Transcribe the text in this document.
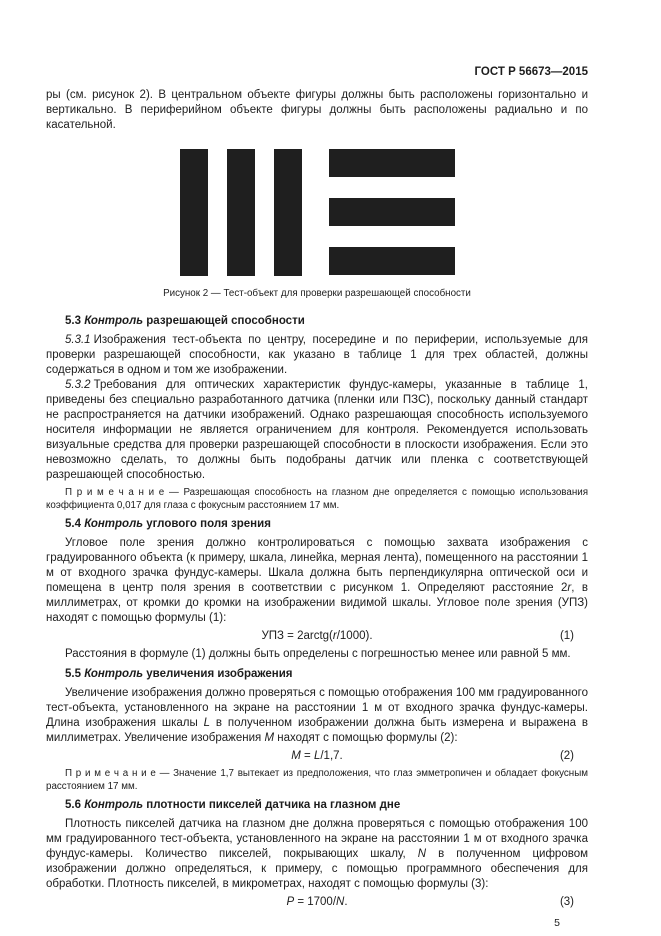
ГОСТ Р 56673—2015

ры (см. рисунок 2). В центральном объекте фигуры должны быть расположены горизонтально и вертикально. В периферийном объекте фигуры должны быть расположены радиально и по касательной.

Рисунок 2 — Тест-объект для проверки разрешающей способности
5.3 Контроль разрешающей способности

5.3.1 Изображения тест-объекта по центру, посередине и по периферии, используемые для проверки разрешающей способности, как указано в таблице 1 для трех областей, должны содержаться в одном и том же изображении.

5.3.2 Требования для оптических характеристик фундус-камеры, указанные в таблице 1, приведены без специально разработанного датчика (пленки или ПЗС), поскольку данный стандарт не распространяется на датчики изображений. Однако разрешающая способность используемого носителя информации не является ограничением для контроля. Рекомендуется использовать визуальные средства для проверки разрешающей способности в плоскости изображения. Если это невозможно сделать, то должны быть подобраны датчик или пленка с соответствующей разрешающей способностью.

П р и м е ч а н и е — Разрешающая способность на глазном дне определяется с помощью использования коэффициента 0,017 для глаза с фокусным расстоянием 17 мм.

5.4 Контроль углового поля зрения

Угловое поле зрения должно контролироваться с помощью захвата изображения с градуированного объекта (к примеру, шкала, линейка, мерная лента), помещенного на расстоянии 1 м от входного зрачка фундус-камеры. Шкала должна быть перпендикулярна оптической оси и помещена в центр поля зрения в соответствии с рисунком 1. Определяют расстояние 2r, в миллиметрах, от кромки до кромки на изображении видимой шкалы. Угловое поле зрения (УПЗ) находят с помощью формулы (1):

УПЗ = 2arctg(r/1000).	(1)

Расстояния в формуле (1) должны быть определены с погрешностью менее или равной 5 мм.

5.5 Контроль увеличения изображения

Увеличение изображения должно проверяться с помощью отображения 100 мм градуированного тест-объекта, установленного на экране на расстоянии 1 м от входного зрачка фундус-камеры. Длина изображения шкалы L в полученном изображении должна быть измерена и выражена в миллиметрах. Увеличение изображения M находят с помощью формулы (2):

M = L/1,7.	(2)

П р и м е ч а н и е — Значение 1,7 вытекает из предположения, что глаз эмметропичен и обладает фокусным расстоянием 17 мм.

5.6 Контроль плотности пикселей датчика на глазном дне

Плотность пикселей датчика на глазном дне должна проверяться с помощью отображения 100 мм градуированного тест-объекта, установленного на экране на расстоянии 1 м от входного зрачка фундус-камеры. Количество пикселей, покрывающих шкалу, N в полученном цифровом изображении должно определяться, к примеру, с помощью программного обеспечения для обработки. Плотность пикселей, в микрометрах, находят с помощью формулы (3):

P = 1700/N.	(3)
5
